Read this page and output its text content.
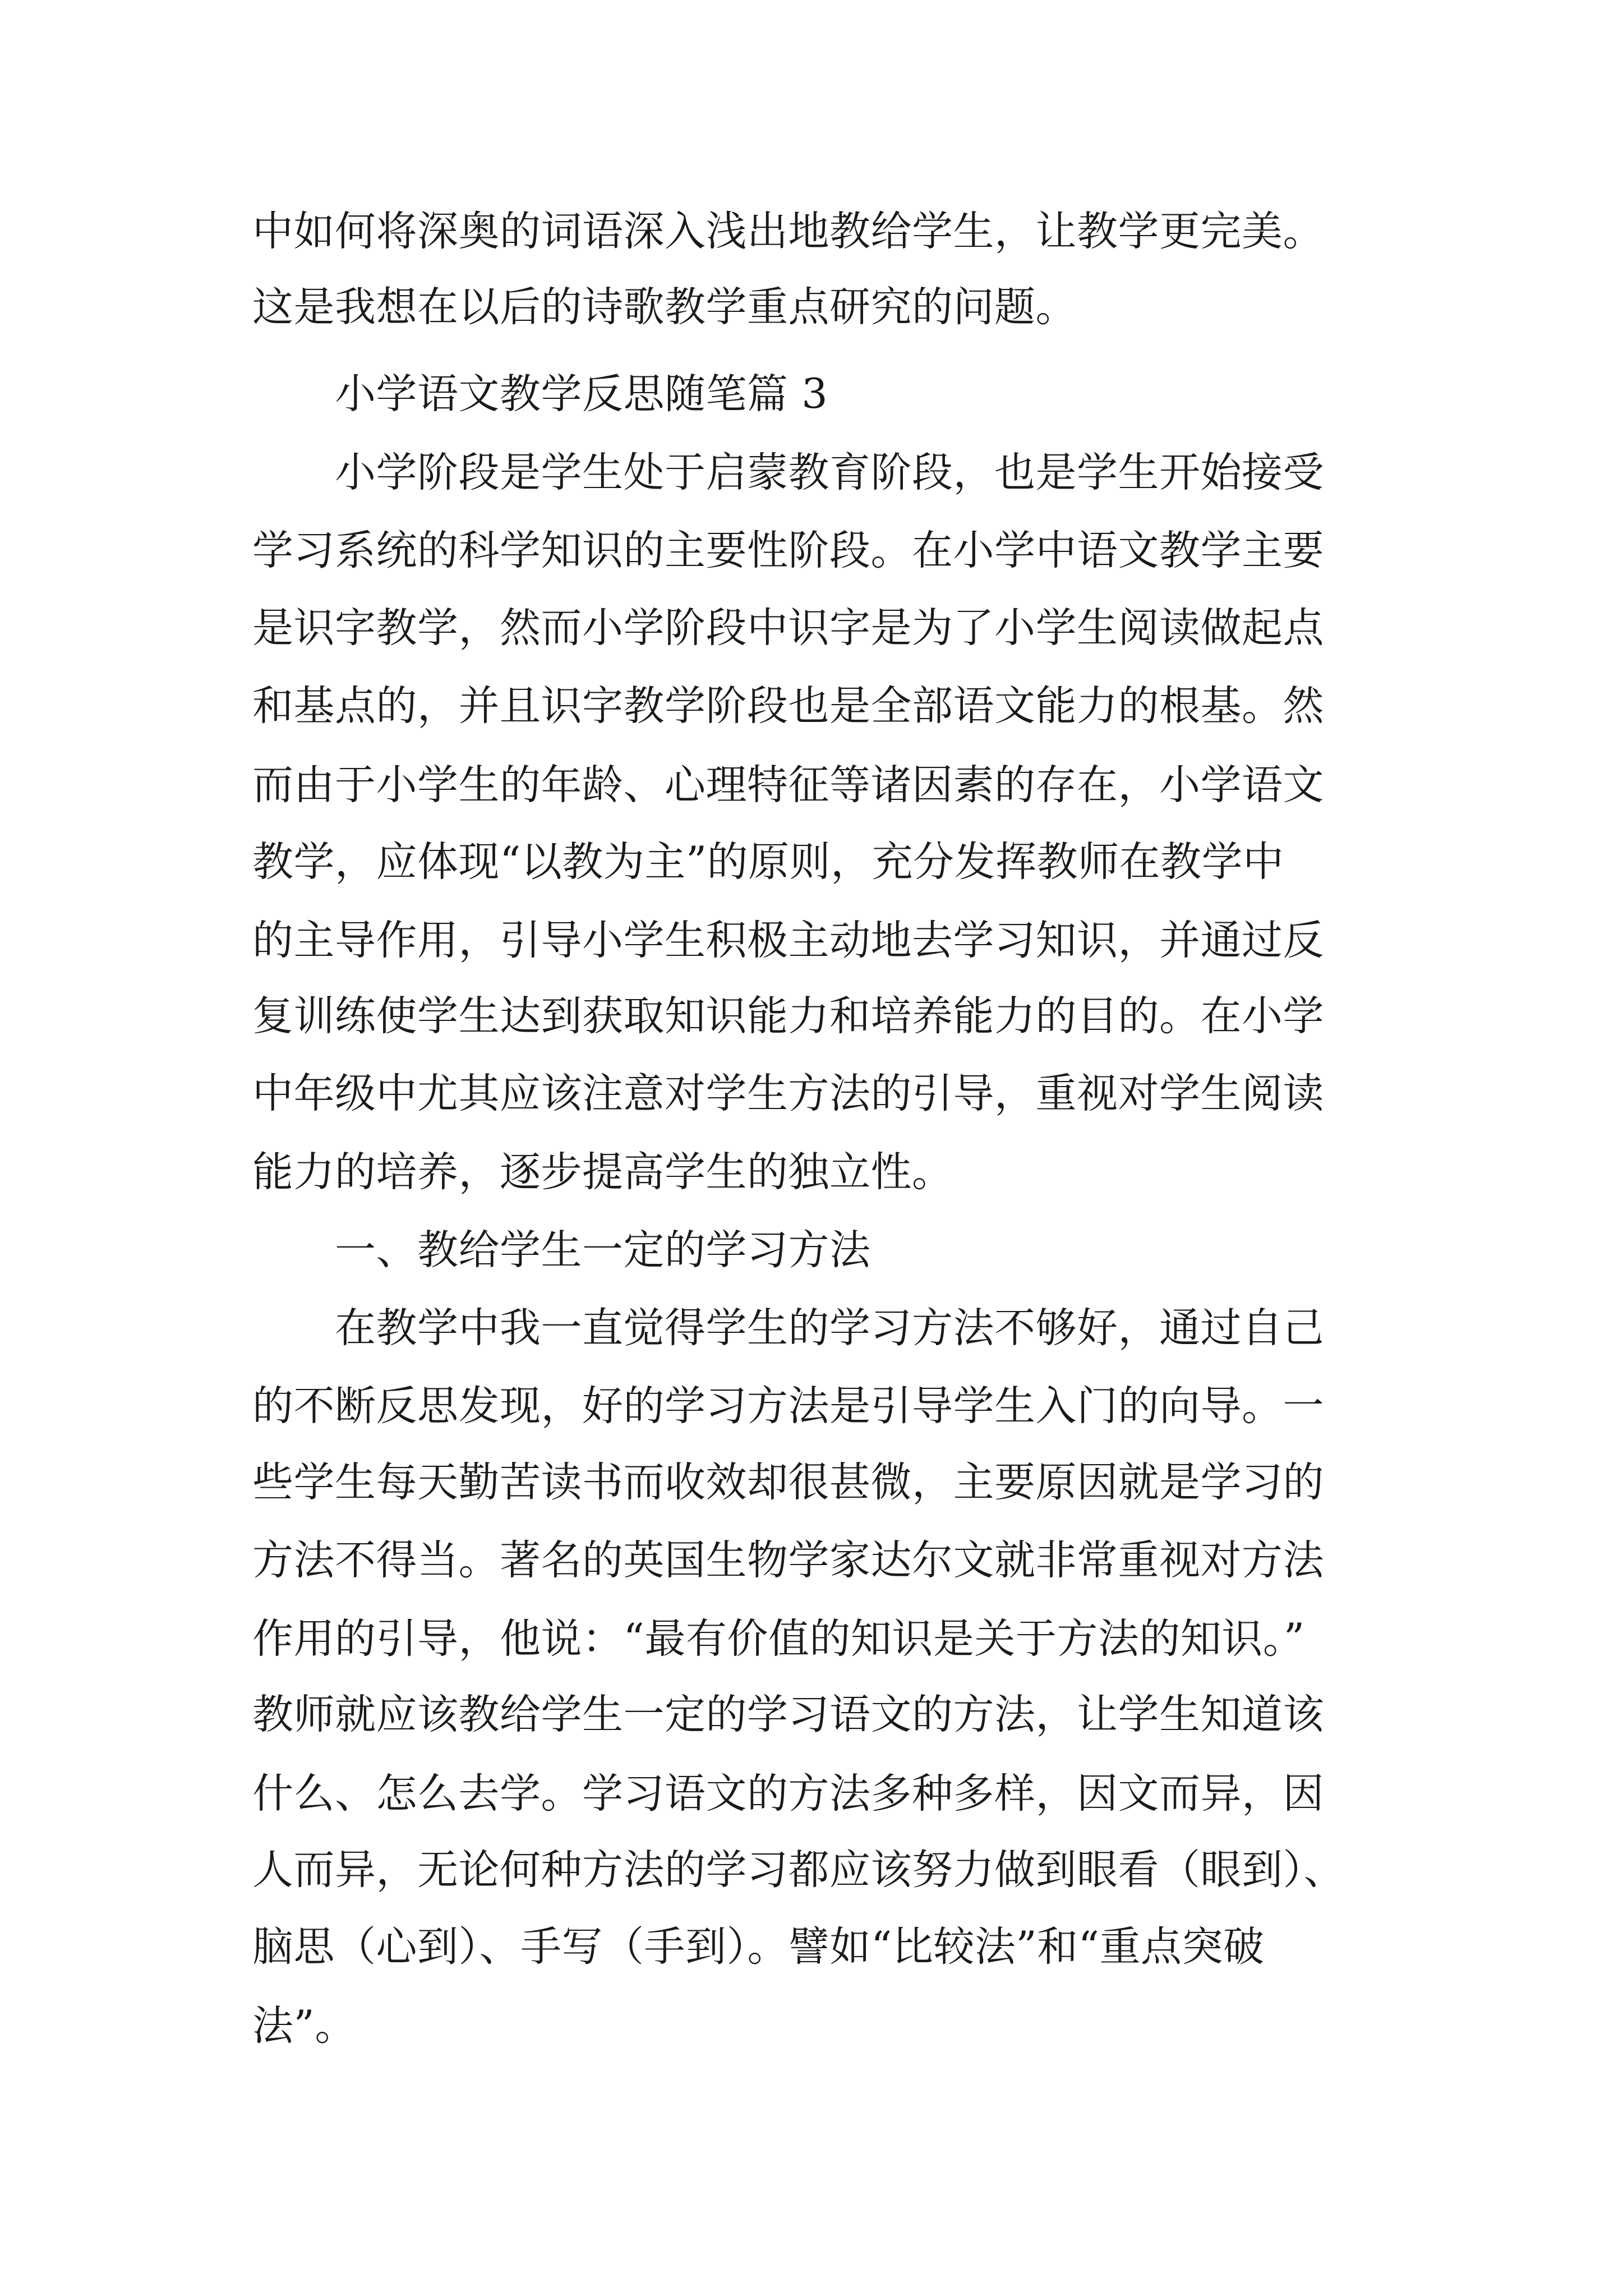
中如何将深奥的词语深入浅出地教给学生，让教学更完美。
这是我想在以后的诗歌教学重点研究的问题。
小学语文教学反思随笔篇 3
小学阶段是学生处于启蒙教育阶段，也是学生开始接受
学习系统的科学知识的主要性阶段。在小学中语文教学主要
是识字教学，然而小学阶段中识字是为了小学生阅读做起点
和基点的，并且识字教学阶段也是全部语文能力的根基。然
而由于小学生的年龄、心理特征等诸因素的存在，小学语文
教学，应体现“以教为主”的原则，充分发挥教师在教学中
的主导作用，引导小学生积极主动地去学习知识，并通过反
复训练使学生达到获取知识能力和培养能力的目的。在小学
中年级中尤其应该注意对学生方法的引导，重视对学生阅读
能力的培养，逐步提高学生的独立性。
一、教给学生一定的学习方法
在教学中我一直觉得学生的学习方法不够好，通过自己
的不断反思发现，好的学习方法是引导学生入门的向导。一
些学生每天勤苦读书而收效却很甚微，主要原因就是学习的
方法不得当。著名的英国生物学家达尔文就非常重视对方法
作用的引导，他说：“最有价值的知识是关于方法的知识。”
教师就应该教给学生一定的学习语文的方法，让学生知道该
什么、怎么去学。学习语文的方法多种多样，因文而异，因
人而异，无论何种方法的学习都应该努力做到眼看（眼到）、
脑思（心到）、手写（手到）。譬如“比较法”和“重点突破
法”。
